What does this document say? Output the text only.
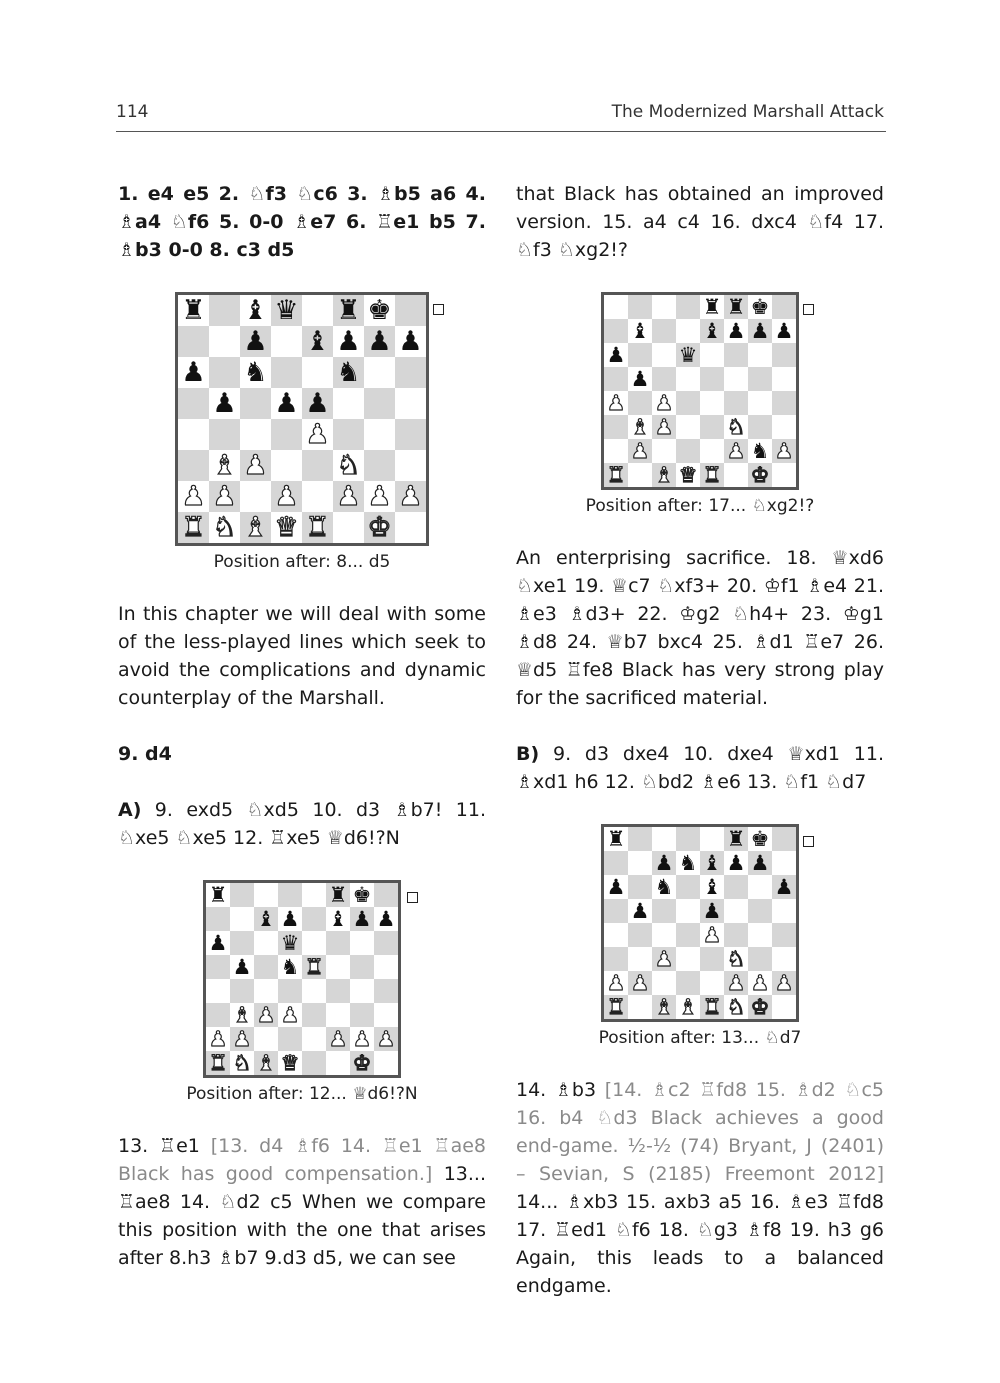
114	The Modernized Marshall Attack

1. e4 e5 2. ♘f3 ♘c6 3. ♗b5 a6 4. ♗a4 ♘f6 5. 0-0 ♗e7 6. ♖e1 b5 7. ♗b3 0-0 8. c3 d5

♜ ♝ ♛ ♜ ♚
♟ ♝ ♟ ♟ ♟
♟ ♞	♞
♟ ♟ ♟
♟
♝ ♟	♞
♟ ♟ ♟ ♟ ♟ ♟
♜ ♞ ♝ ♛ ♜ ♚
Position after: 8... d5

In this chapter we will deal with some of the less-played lines which seek to avoid the complications and dynamic counterplay of the Marshall.

9. d4

A) 9. exd5 ♘xd5 10. d3 ♗b7! 11. ♘xe5 ♘xe5 12. ♖xe5 ♕d6!?N

♜	♜ ♚
♝ ♟ ♝ ♟ ♟
♟	♛
♟ ♞ ♜
♝ ♟ ♟
♟ ♟	♟ ♟ ♟
♜ ♞ ♝ ♛	♚
Position after: 12... ♕d6!?N

13. ♖e1 [13. d4 ♗f6 14. ♖e1 ♖ae8 Black has good compensation.] 13... ♖ae8 14. ♘d2 c5 When we compare this position with the one that arises after 8.h3 ♗b7 9.d3 d5, we can see

that Black has obtained an improved version. 15. a4 c4 16. dxc4 ♘f4 17. ♘f3 ♘xg2!?

♜ ♜ ♚
♝	♝ ♟ ♟ ♟
♟	♛
♟
♟ ♟
♝ ♟	♞
♟	♟ ♞ ♟
♜ ♝ ♛ ♜ ♚
Position after: 17... ♘xg2!?

An enterprising sacrifice. 18. ♕xd6 ♘xe1 19. ♕c7 ♘xf3+ 20. ♔f1 ♗e4 21. ♗e3 ♗d3+ 22. ♔g2 ♘h4+ 23. ♔g1 ♗d8 24. ♕b7 bxc4 25. ♗d1 ♖e7 26. ♕d5 ♖fe8 Black has very strong play for the sacrificed material.

B) 9. d3 dxe4 10. dxe4 ♕xd1 11. ♗xd1 h6 12. ♘bd2 ♗e6 13. ♘f1 ♘d7

♜	♜ ♚
♟ ♞ ♝ ♟ ♟
♟ ♞ ♝	♟
♟	♟
♟
♟	♞
♟ ♟	♟ ♟ ♟
♜ ♝ ♝ ♜ ♞ ♚
Position after: 13... ♘d7

14. ♗b3 [14. ♗c2 ♖fd8 15. ♗d2 ♘c5 16. b4 ♘d3 Black achieves a good end-game. ½-½ (74) Bryant, J (2401) – Sevian, S (2185) Freemont 2012] 14... ♗xb3 15. axb3 a5 16. ♗e3 ♖fd8 17. ♖ed1 ♘f6 18. ♘g3 ♗f8 19. h3 g6 Again, this leads to a balanced endgame.
